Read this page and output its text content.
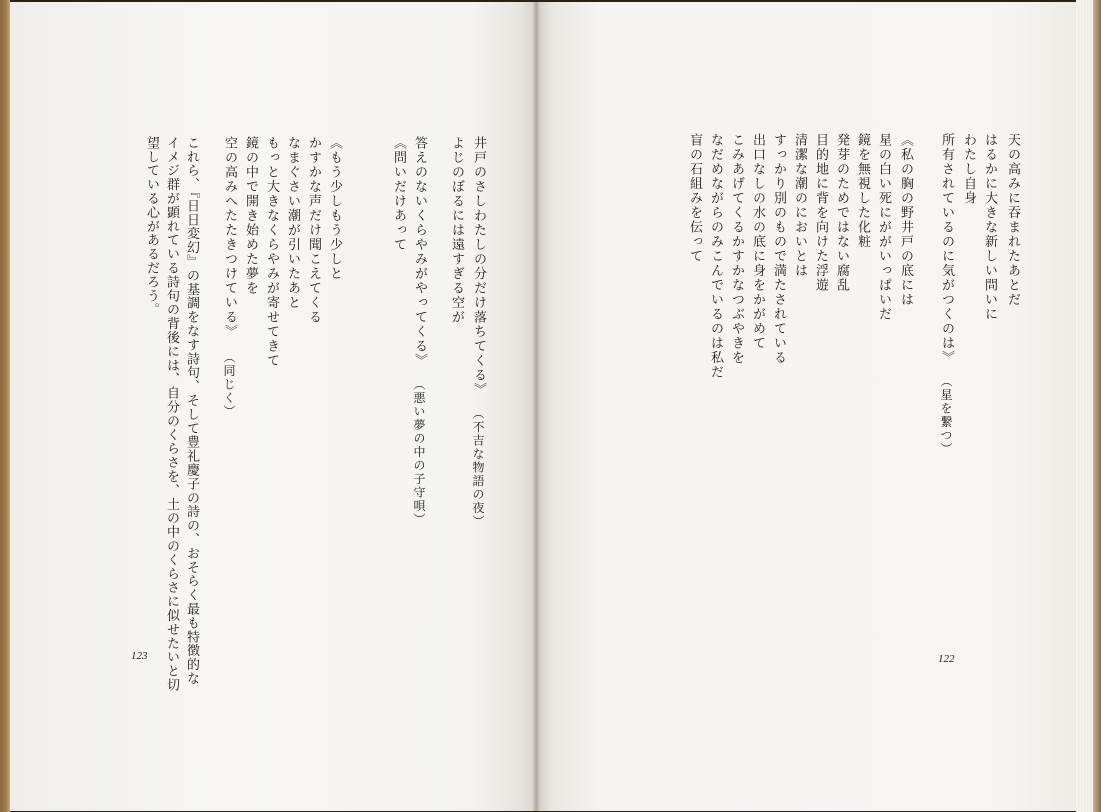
よじのぼるには遠すぎる空が 井戸のさしわたしの分だけ落ちてくる》（不吉な物語の夜）
《問いだけあって 答えのないくらやみがやってくる》（悪い夢の中の子守唄）
《もう少しもう少しと
かすかな声だけ聞こえてくる
なまぐさい潮が引いたあと
もっと大きなくらやみが寄せてきて
鏡の中で開き始めた夢を
空の高みへたたきつけている》（同じく）
これら、『日日変幻』の基調をなす詩句、そして豊礼慶子の詩の、おそらく最も特徴的な
イメジ群が顕れている詩句の背後には、自分のくらさを、土の中のくらさに似せたいと切
望している心があるだろう。
123
天の高みに吞まれたあとだ
はるかに大きな新しい問いに
わたし自身
所有されているのに気がつくのは》（星を繋つ）
《私の胸の野井戸の底には
星の白い死にががいっぱいだ
鏡を無視した化粧
発芽のためではない腐乱
目的地に背を向けた浮遊
清潔な潮のにおいとは
すっかり別のもので満たされている
出口なしの水の底に身をかがめて
こみあげてくるかすかなつぶやきを
なだめながらのみこんでいるのは私だ
盲の石組みを伝って
122
